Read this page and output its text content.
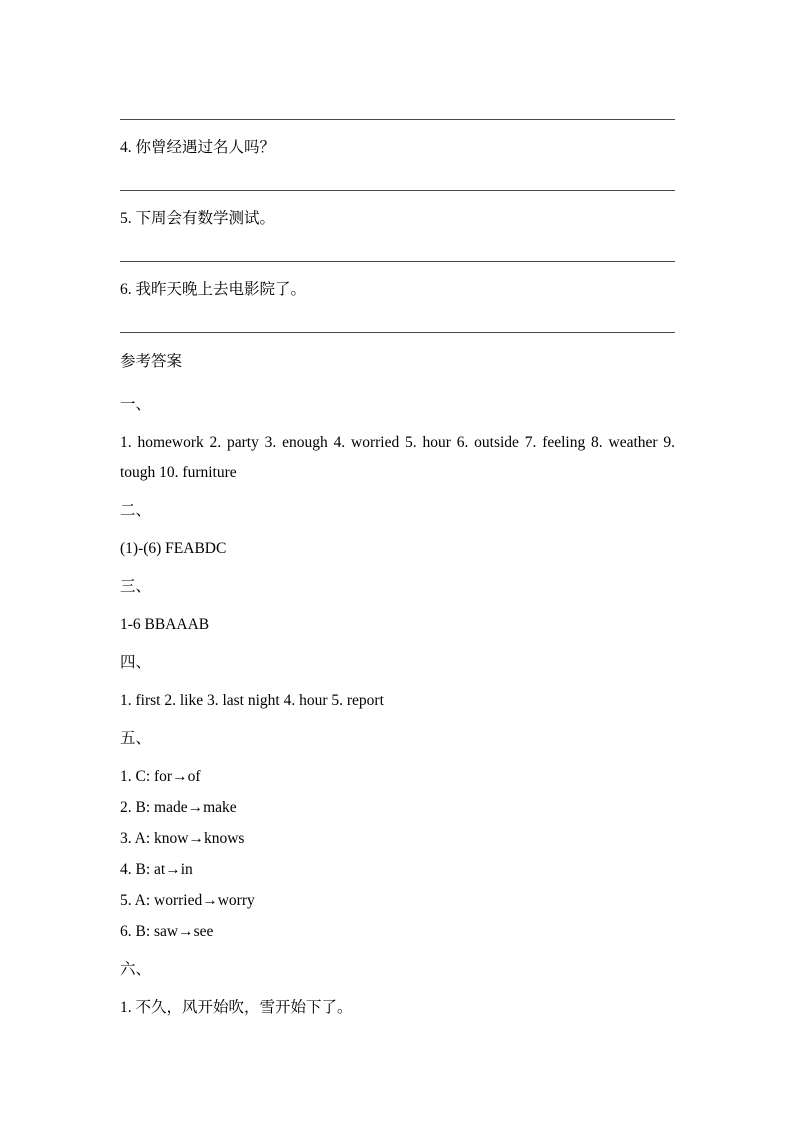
4. 你曾经遇过名人吗？

5. 下周会有数学测试。

6. 我昨天晚上去电影院了。

参考答案

一、

1. homework 2. party 3. enough 4. worried 5. hour 6. outside 7. feeling 8. weather 9. tough 10. furniture

二、

(1)-(6) FEABDC

三、

1-6 BBAAAB

四、

1. first 2. like 3. last night 4. hour 5. report

五、

1. C: for→of

2. B: made→make

3. A: know→knows

4. B: at→in

5. A: worried→worry

6. B: saw→see

六、

1. 不久，风开始吹，雪开始下了。
